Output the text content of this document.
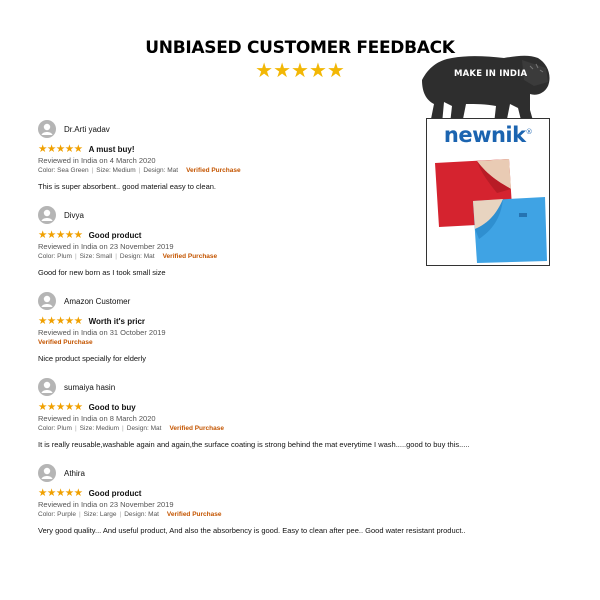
UNBIASED CUSTOMER FEEDBACK
★★★★★	MAKE IN INDIA
newnik®
Dr.Arti yadav
★★★★★ A must buy!
Reviewed in India on 4 March 2020
Color: Sea Green | Size: Medium | Design: Mat Verified Purchase
This is super absorbent.. good material easy to clean.
Divya
★★★★★ Good product
Reviewed in India on 23 November 2019
Color: Plum | Size: Small | Design: Mat Verified Purchase
Good for new born as I took small size
Amazon Customer
★★★★★ Worth it's pricr
Reviewed in India on 31 October 2019
Verified Purchase
Nice product specially for elderly
sumaiya hasin
★★★★★ Good to buy
Reviewed in India on 8 March 2020
Color: Plum | Size: Medium | Design: Mat Verified Purchase
It is really reusable,washable again and again,the surface coating is strong behind the mat everytime I wash.....good to buy this.....
Athira
★★★★★ Good product
Reviewed in India on 23 November 2019
Color: Purple | Size: Large | Design: Mat Verified Purchase
Very good quality... And useful product, And also the absorbency is good. Easy to clean after pee.. Good water resistant product..
